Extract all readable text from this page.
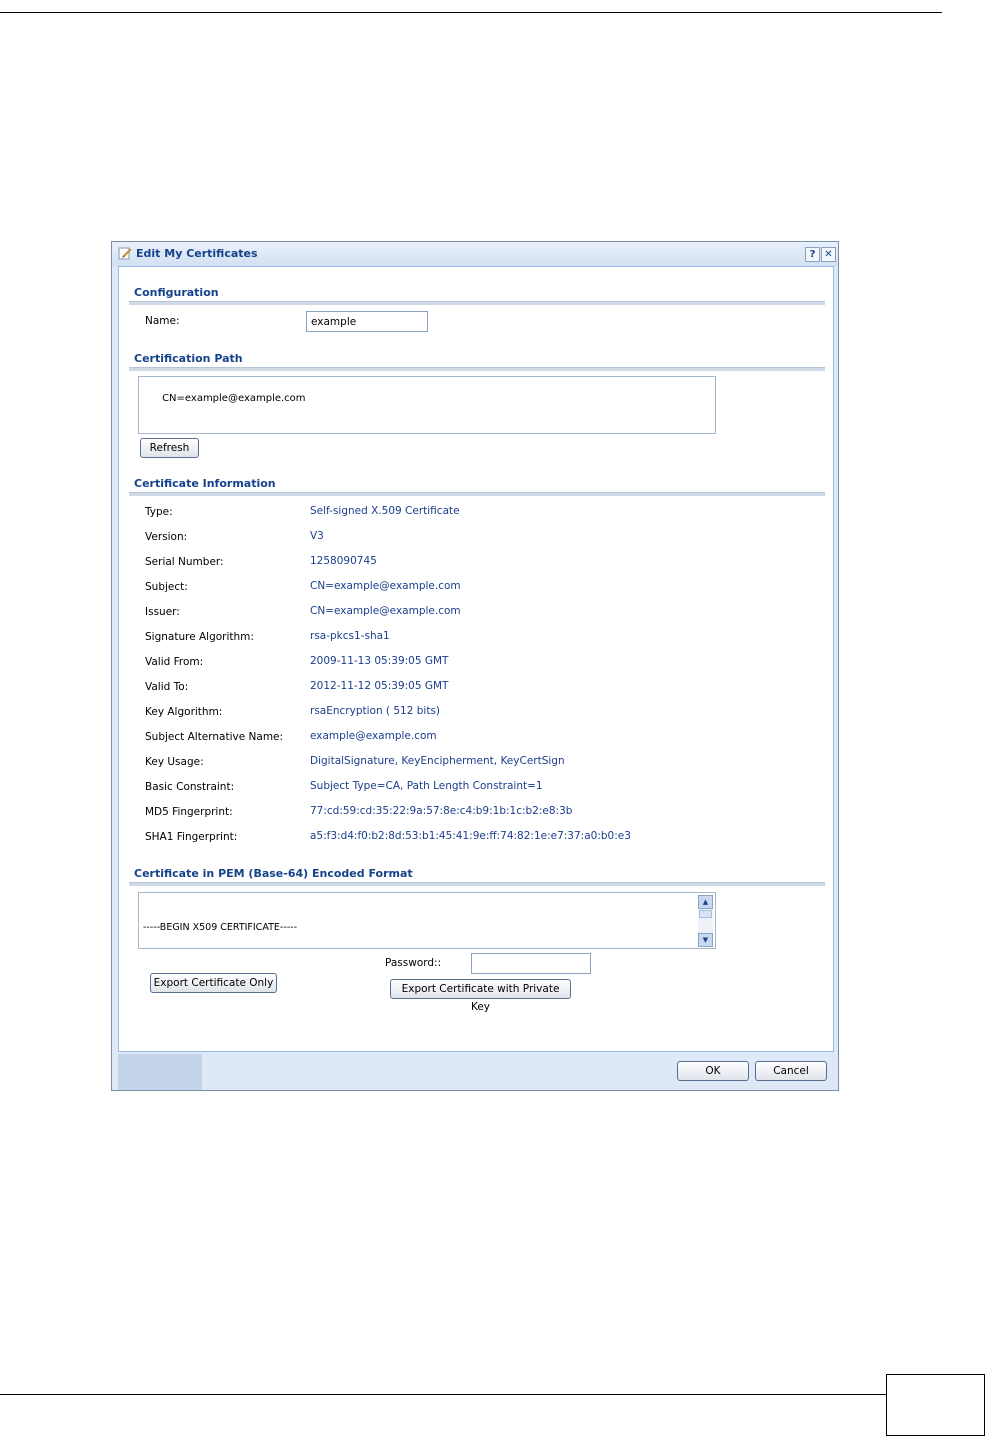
Edit My Certificates	? ✕
Configuration
Name:
example
Certification Path

CN=example@example.com

Refresh
Certificate Information
Type:	Self-signed X.509 Certificate
Version:	V3
Serial Number:	1258090745
Subject:	CN=example@example.com
Issuer:	CN=example@example.com
Signature Algorithm:	rsa-pkcs1-sha1
Valid From:	2009-11-13 05:39:05 GMT
Valid To:	2012-11-12 05:39:05 GMT
Key Algorithm:	rsaEncryption ( 512 bits)
Subject Alternative Name:	example@example.com
Key Usage:	DigitalSignature, KeyEncipherment, KeyCertSign
Basic Constraint:	Subject Type=CA, Path Length Constraint=1
MD5 Fingerprint:	77:cd:59:cd:35:22:9a:57:8e:c4:b9:1b:1c:b2:e8:3b
SHA1 Fingerprint:	a5:f3:d4:f0:b2:8d:53:b1:45:41:9e:ff:74:82:1e:e7:37:a0:b0:e3
Certificate in PEM (Base-64) Encoded Format

-----BEGIN X509 CERTIFICATE-----

▲

▼

Password::
Export Certificate Only	Export Certificate with Private Key
OK	Cancel
